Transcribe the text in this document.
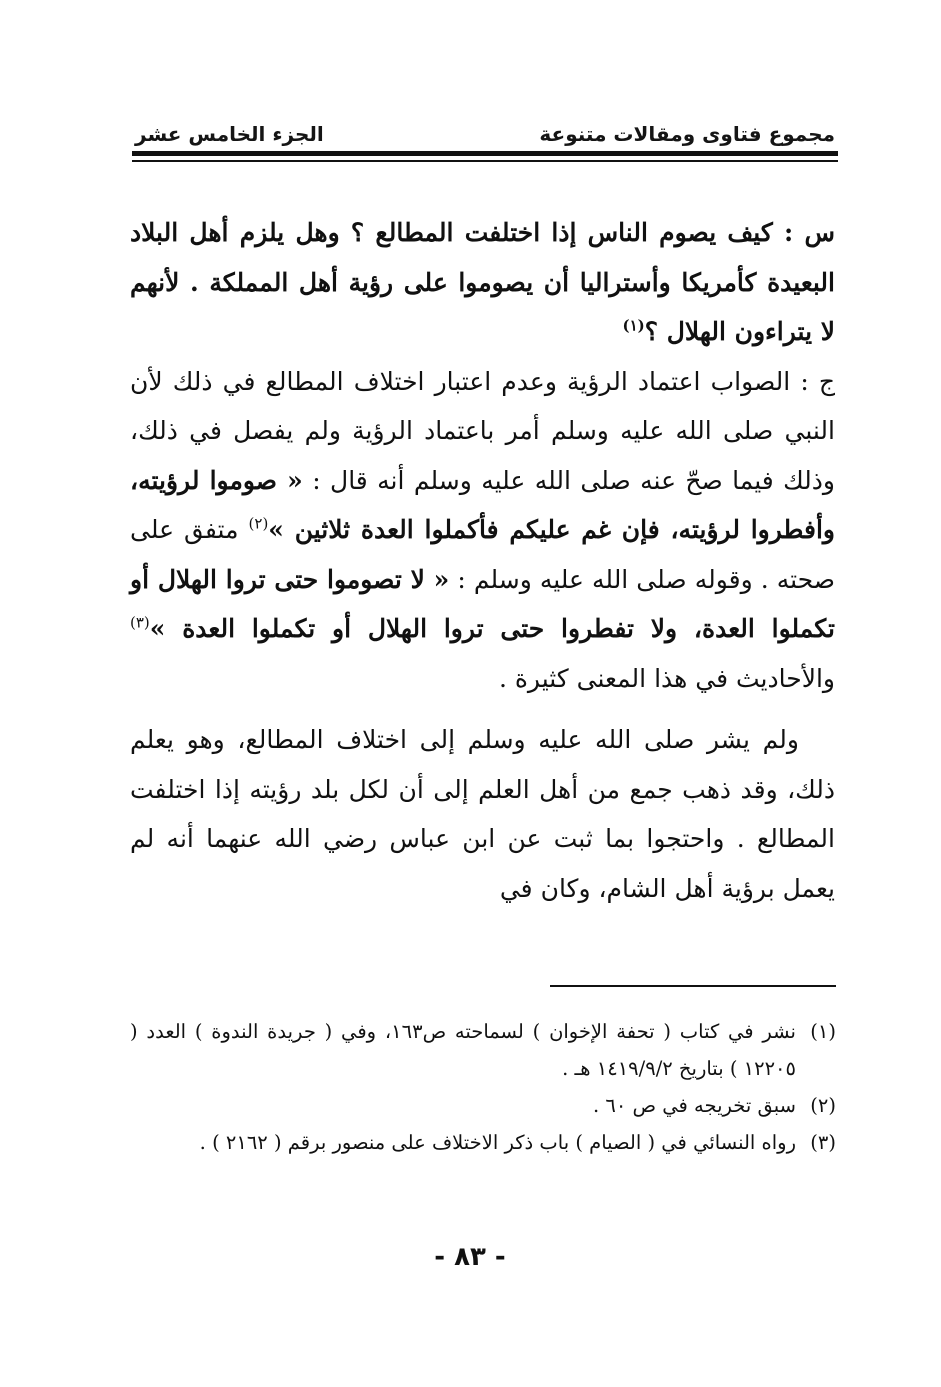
مجموع فتاوى ومقالات متنوعة
الجزء الخامس عشر

س : كيف يصوم الناس إذا اختلفت المطالع ؟ وهل يلزم أهل البلاد البعيدة كأمريكا وأستراليا أن يصوموا على رؤية أهل المملكة . لأنهم لا يتراءون الهلال ؟$^{(١)}$

ج : الصواب اعتماد الرؤية وعدم اعتبار اختلاف المطالع في ذلك لأن النبي صلى الله عليه وسلم أمر باعتماد الرؤية ولم يفصل في ذلك، وذلك فيما صحّ عنه صلى الله عليه وسلم أنه قال : « صوموا لرؤيته، وأفطروا لرؤيته، فإن غم عليكم فأكملوا العدة ثلاثين »$^{(٢)}$ متفق على صحته . وقوله صلى الله عليه وسلم : « لا تصوموا حتى تروا الهلال أو تكملوا العدة، ولا تفطروا حتى تروا الهلال أو تكملوا العدة »$^{(٣)}$ والأحاديث في هذا المعنى كثيرة .

ولم يشر صلى الله عليه وسلم إلى اختلاف المطالع، وهو يعلم ذلك، وقد ذهب جمع من أهل العلم إلى أن لكل بلد رؤيته إذا اختلفت المطالع . واحتجوا بما ثبت عن ابن عباس رضي الله عنهما أنه لم يعمل برؤية أهل الشام، وكان في

(١)
نشر في كتاب ( تحفة الإخوان ) لسماحته ص١٦٣، وفي ( جريدة الندوة ) العدد ( ١٢٢٠٥ ) بتاريخ ١٤١٩/٩/٢ هـ .
(٢)
سبق تخريجه في ص ٦٠ .
(٣)
رواه النسائي في ( الصيام ) باب ذكر الاختلاف على منصور برقم ( ٢١٦٢ ) .
- ٨٣ -
